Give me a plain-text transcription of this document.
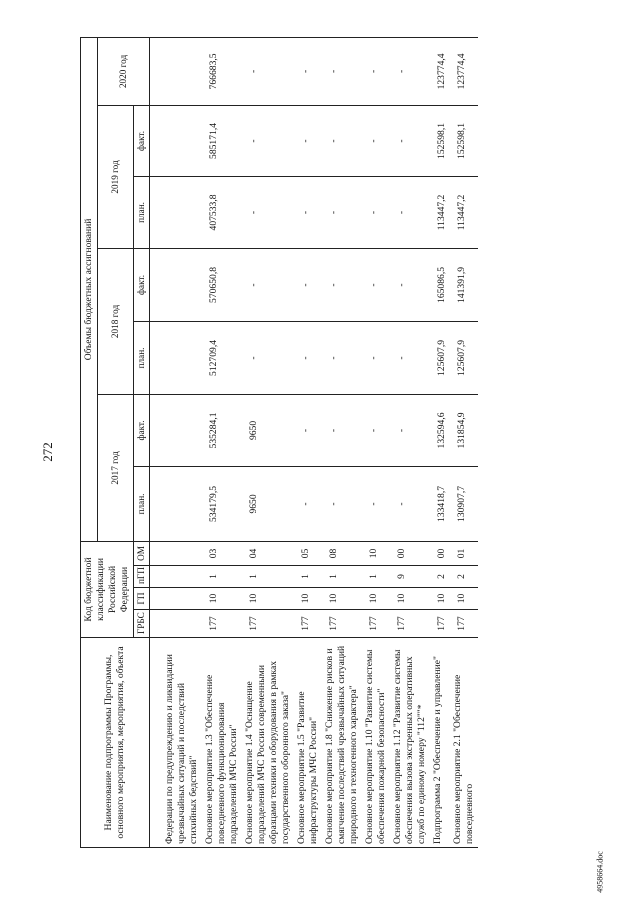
272
4958664.doc
Наименование подпрограммы Программы, основного мероприятия, мероприятия, объекта	Код бюджетной классификации Российской Федерации				Объемы бюджетных ассигнований						
					2017 год		2018 год		2019 год		2020 год
	ГРБС	ГП	пГП	ОМ	план.	факт.	план.	факт.	план.	факт.	

Федерации по предупреждению и ликвидации чрезвычайных ситуаций и последствий стихийных бедствий"											
Основное мероприятие 1.3 "Обеспечение повседневного функционирования подразделений МЧС России"	177	10	1	03	534179,5	535284,1	512709,4	570650,8	407533,8	585171,4	766683,5
Основное мероприятие 1.4 "Оснащение подразделений МЧС России современными образцами техники и оборудования в рамках государственного оборонного заказа"	177	10	1	04	9650	9650	-	-	-	-	-
Основное мероприятие 1.5 "Развитие инфраструктуры МЧС России"	177	10	1	05	-	-	-	-	-	-	-
Основное мероприятие 1.8 "Снижение рисков и смягчение последствий чрезвычайных ситуаций природного и техногенного характера"	177	10	1	08	-	-	-	-	-	-	-
Основное мероприятие 1.10 "Развитие системы обеспечения пожарной безопасности"	177	10	1	10	-	-	-	-	-	-	-
Основное мероприятие 1.12 "Развитие системы обеспечения вызова экстренных оперативных служб по единому номеру "112""*	177	10	9	00	-	-	-	-	-	-	-
Подпрограмма 2 "Обеспечение и управление"	177	10	2	00	133418,7	132594,6	125607,9	165086,5	113447,2	152598,1	123774,4
Основное мероприятие 2.1 "Обеспечение повседневного	177	10	2	01	130907,7	131854,9	125607,9	141391,9	113447,2	152598,1	123774,4
